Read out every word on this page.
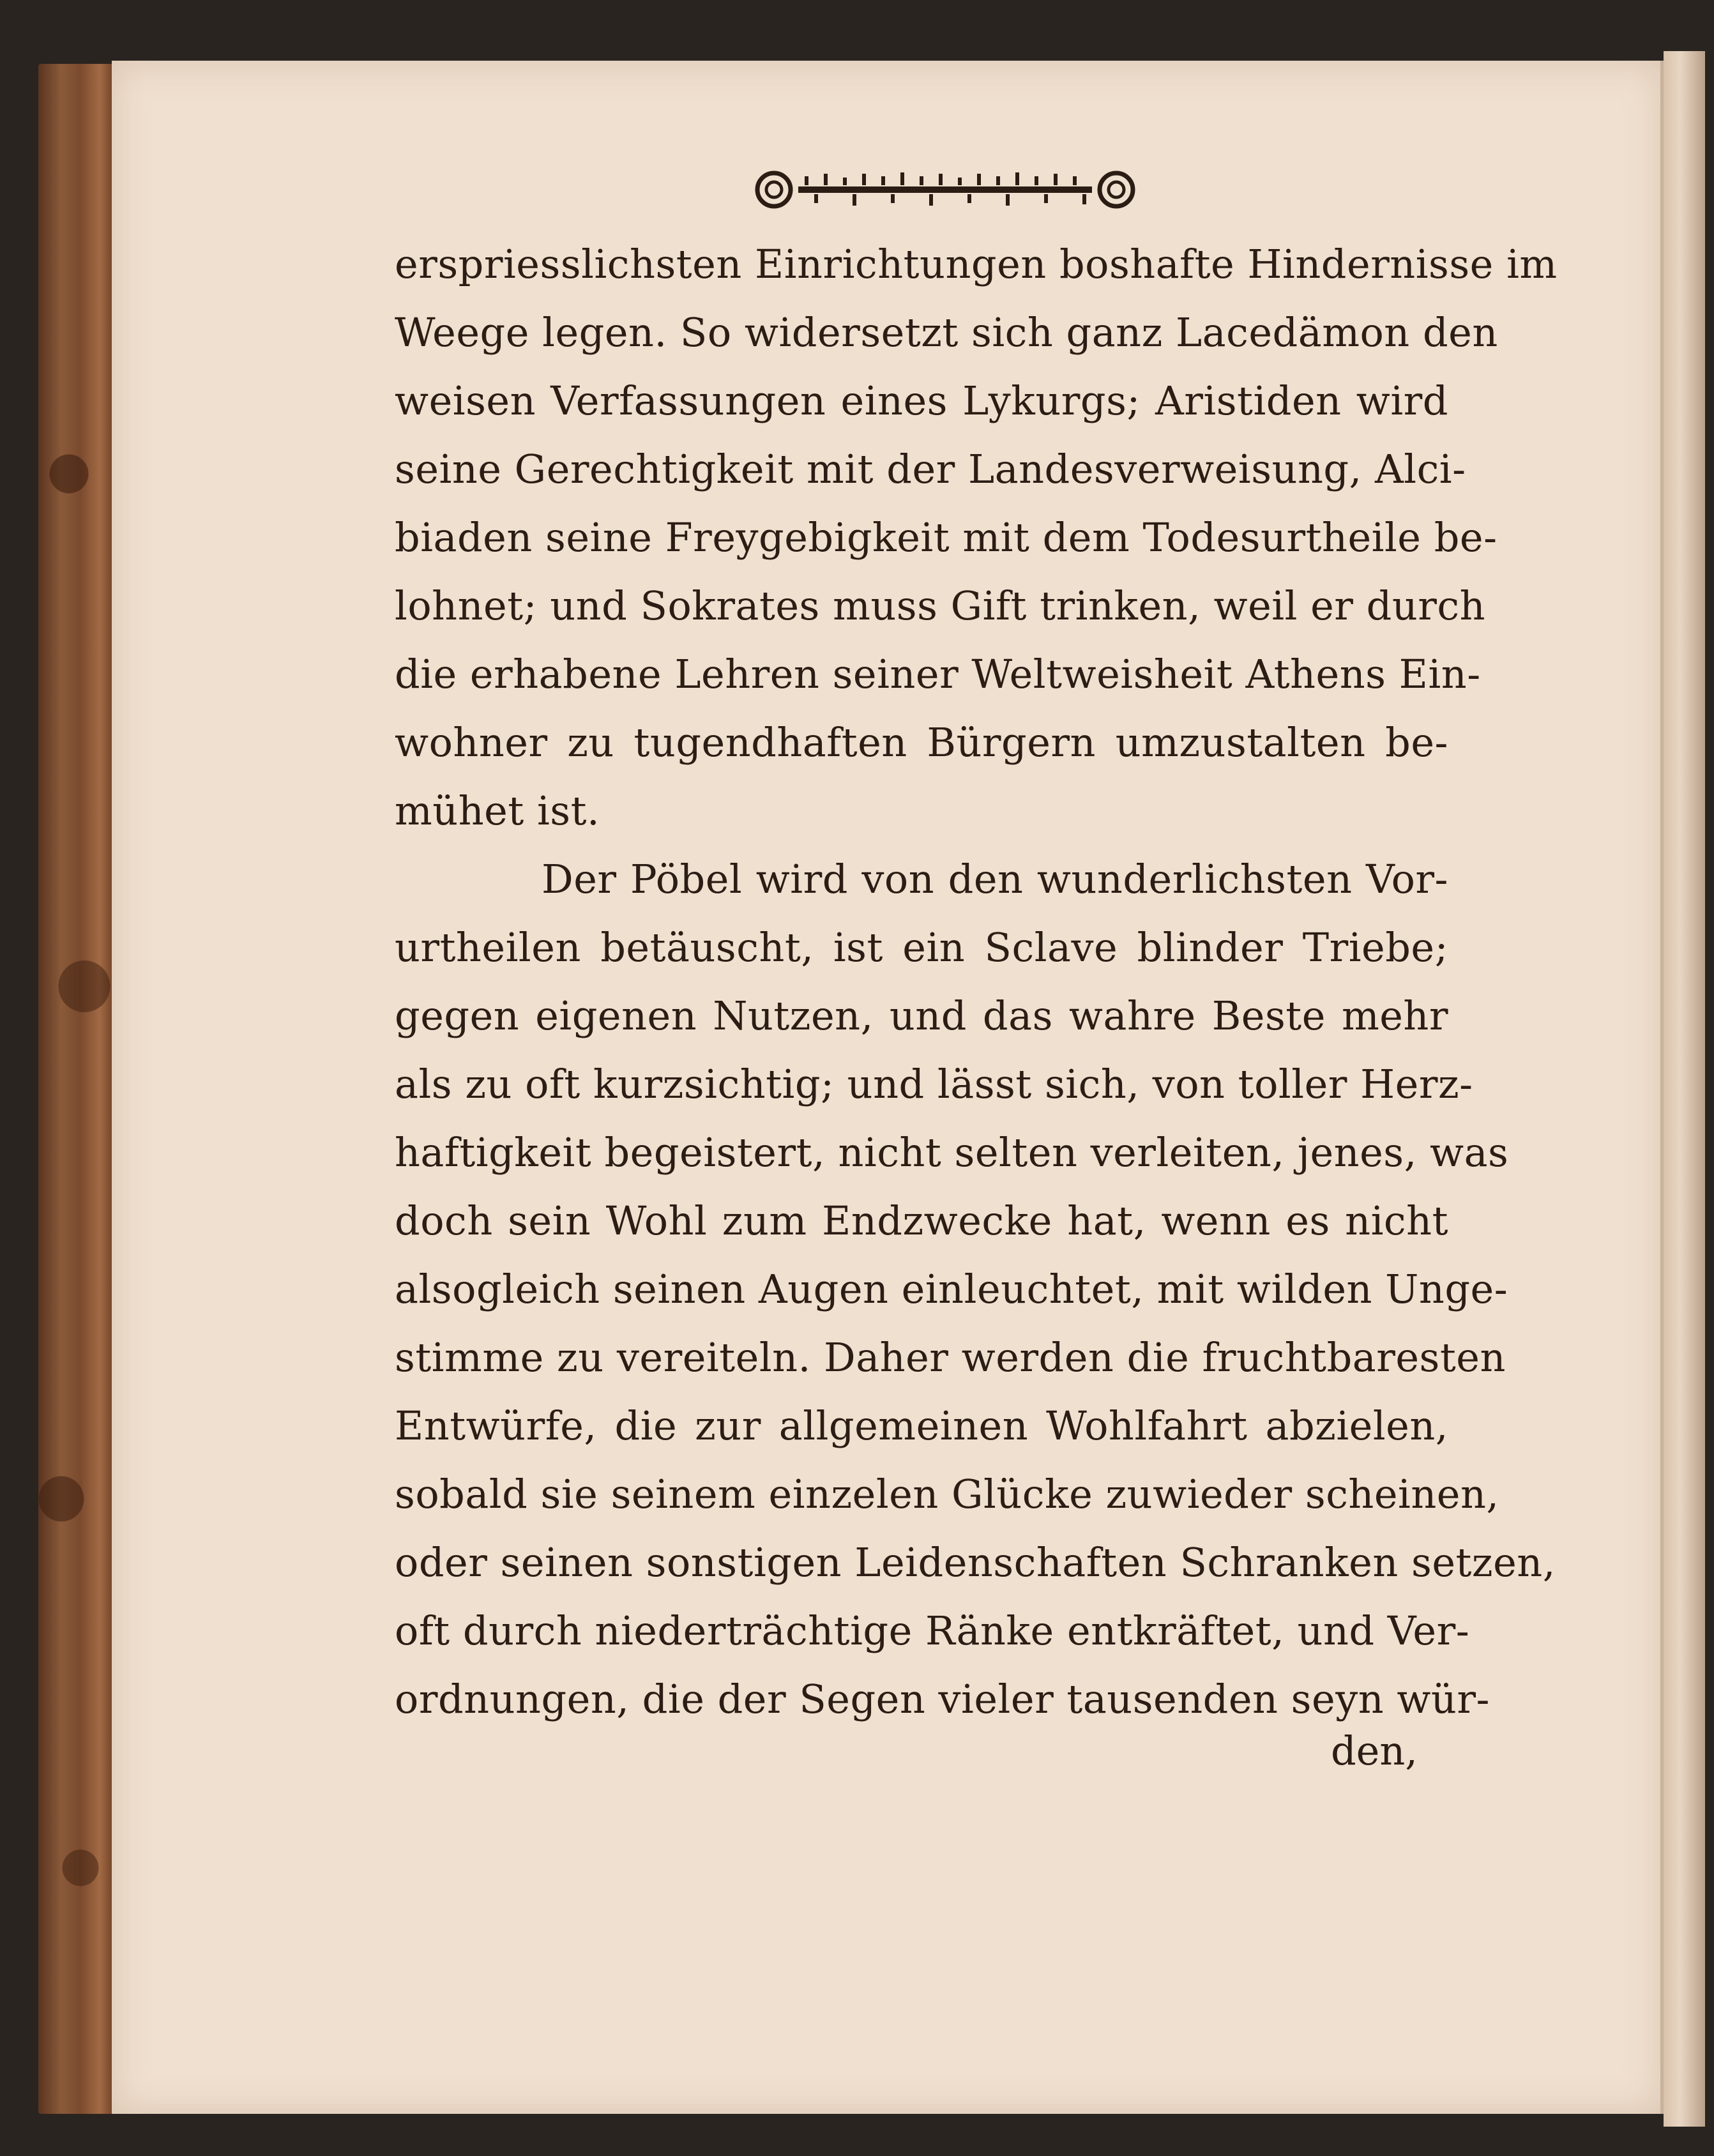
erspriesslichsten Einrichtungen boshafte Hindernisse im
Weege legen. So widersetzt sich ganz Lacedämon den
weisen Verfassungen eines Lykurgs; Aristiden wird
seine Gerechtigkeit mit der Landesverweisung, Alci-
biaden seine Freygebigkeit mit dem Todesurtheile be-
lohnet; und Sokrates muss Gift trinken, weil er durch
die erhabene Lehren seiner Weltweisheit Athens Ein-
wohner zu tugendhaften Bürgern umzustalten be-
mühet ist.
Der Pöbel wird von den wunderlichsten Vor-
urtheilen betäuscht, ist ein Sclave blinder Triebe;
gegen eigenen Nutzen, und das wahre Beste mehr
als zu oft kurzsichtig; und lässt sich, von toller Herz-
haftigkeit begeistert, nicht selten verleiten, jenes, was
doch sein Wohl zum Endzwecke hat, wenn es nicht
alsogleich seinen Augen einleuchtet, mit wilden Unge-
stimme zu vereiteln. Daher werden die fruchtbaresten
Entwürfe, die zur allgemeinen Wohlfahrt abzielen,
sobald sie seinem einzelen Glücke zuwieder scheinen,
oder seinen sonstigen Leidenschaften Schranken setzen,
oft durch niederträchtige Ränke entkräftet, und Ver-
ordnungen, die der Segen vieler tausenden seyn wür-
den,
